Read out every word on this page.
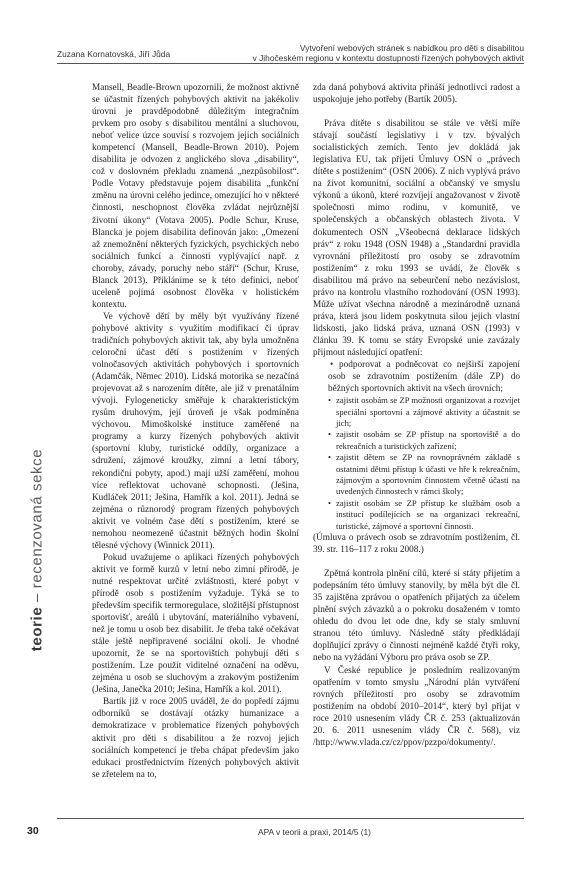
Zuzana Kornatovská, Jiří Jůda
Vytvoření webových stránek s nabídkou pro děti s disabilitou
v Jihočeském regionu v kontextu dostupnosti řízených pohybových aktivit
teorie – recenzovaná sekce

Mansell, Beadle-Brown upozornili, že možnost aktivně se účastnit řízených pohybových aktivit na jakékoliv úrovni je pravděpodobně důležitým integračním prvkem pro osoby s disabilitou mentální a sluchovou, neboť velice úzce souvisí s rozvojem jejich sociálních kompetencí (Mansell, Beadle-Brown 2010). Pojem disabilita je odvozen z anglického slova „disability“, což v doslovném překladu znamená „nezpůsobilost“. Podle Votavy představuje pojem disabilita „funkční změnu na úrovni celého jedince, omezující ho v některé činnosti, neschopnost člověka zvládat nejrůznější životní úkony“ (Votava 2005). Podle Schur, Kruse, Blancka je pojem disabilita definován jako: „Omezení až znemožnění některých fyzických, psychických nebo sociálních funkcí a činností vyplývající např. z choroby, závady, poruchy nebo stáří“ (Schur, Kruse, Blanck 2013). Přikláníme se k této definici, neboť uceleně pojímá osobnost člověka v holistickém kontextu.

Ve výchově dětí by měly být využívány řízené pohybové aktivity s využitím modifikací či úprav tradičních pohybových aktivit tak, aby byla umožněna celoroční účast dětí s postižením v řízených volnočasových aktivitách pohybových i sportovních (Adamčák, Němec 2010). Lidská motorika se nezačíná projevovat až s narozením dítěte, ale již v prenatálním vývoji. Fylogeneticky směřuje k charakteristickým rysům druhovým, její úroveň je však podmíněna výchovou. Mimoškolské instituce zaměřené na programy a kurzy řízených pohybových aktivit (sportovní kluby, turistické oddíly, organizace a sdružení, zájmové kroužky, zimní a letní tábory, rekondiční pobyty, apod.) mají užší zaměření, mohou více reflektovat uchovanè schopnosti. (Ješina, Kudláček 2011; Ješina, Hamřík a kol. 2011). Jedná se zejména o různorodý program řízených pohybových aktivit ve volném čase dětí s postižením, které se nemohou neomezeně účastnit běžných hodin školní tělesné výchovy (Winnick 2011).

Pokud uvažujeme o aplikaci řízených pohybových aktivit ve formě kurzů v letní nebo zimní přírodě, je nutné respektovat určité zvláštnosti, které pobyt v přírodě osob s postižením vyžaduje. Týká se to především specifik termoregulace, složitější přístupnost sportovišť, areálů i ubytování, materiálního vybavení, než je tomu u osob bez disabilit. Je třeba také očekávat stále ještě nepřipravené sociální okolí. Je vhodné upozornit, že se na sportovištích pohybují děti s postižením. Lze použít viditelné označení na oděvu, zejména u osob se sluchovým a zrakovým postižením (Ješina, Janečka 2010; Ješina, Hamřík a kol. 2011).

Bartík již v roce 2005 uváděl, že do popředí zájmu odborníků se dostávají otázky humanizace a demokratizace v problematice řízených pohybových aktivit pro děti s disabilitou a že rozvoj jejich sociálních kompetencí je třeba chápat především jako edukaci prostřednictvím řízených pohybových aktivit se zřetelem na to,

zda daná pohybová aktivita přináší jednotlivci radost a uspokojuje jeho potřeby (Bartík 2005).

Práva dítěte s disabilitou se stále ve větší míře stávají součástí legislativy i v tzv. bývalých socialistických zemích. Tento jev dokládá jak legislativa EU, tak přijetí Úmluvy OSN o „právech dítěte s postižením“ (OSN 2006). Z nich vyplývá právo na život komunitní, sociální a občanský ve smyslu výkonů a úkonů, které rozvíjejí angažovanost v životě společnosti mimo rodinu, v komunitě, ve společenských a občanských oblastech života. V dokumentech OSN „Všeobecná deklarace lidských práv“ z roku 1948 (OSN 1948) a „Standardní pravidla vyrovnání příležitostí pro osoby se zdravotním postižením“ z roku 1993 se uvádí, že člověk s disabilitou má právo na sebeurčení nebo nezávislost, právo na kontrolu vlastního rozhodování (OSN 1993). Může užívat všechna národně a mezinárodně uznaná práva, která jsou lidem poskytnuta silou jejich vlastní lidskosti, jako lidská práva, uznaná OSN (1993) v článku 39. K tomu se státy Evropské unie zavázaly přijmout následující opatření:

• podporovat a podněcovat co nejširší zapojení osob se zdravotním postižením (dále ZP) do běžných sportovních aktivit na všech úrovních;

• zajistit osobám se ZP možnosti organizovat a rozvíjet speciální sportovní a zájmové aktivity a účastnit se jich;
• zajistit osobám se ZP přístup na sportoviště a do rekreačních a turistických zařízení;
• zajistit dětem se ZP na rovnoprávném základě s ostatními dětmi přístup k účasti ve hře k rekreačním, zájmovým a sportovním činnostem včetně účasti na uvedených činnostech v rámci školy;
• zajistit osobám se ZP přístup ke službám osob a institucí podílejících se na organizaci rekreační, turistické, zájmové a sportovní činnosti.

(Úmluva o právech osob se zdravotním postižením, čl. 39. str. 116–117 z roku 2008.)

Zpětná kontrola plnění cílů, které si státy přijetím a podepsáním této úmluvy stanovily, by měla být dle čl. 35 zajištěna zprávou o opatřeních přijatých za účelem plnění svých závazků a o pokroku dosaženém v tomto ohledu do dvou let ode dne, kdy se staly smluvní stranou této úmluvy. Následně státy předkládají doplňující zprávy o činnosti nejméně každé čtyři roky, nebo na vyžádání Výboru pro práva osob se ZP.

V České republice je posledním realizovaným opatřením v tomto smyslu „Národní plán vytváření rovných příležitostí pro osoby se zdravotním postižením na období 2010–2014“, který byl přijat v roce 2010 usnesením vlády ČR č. 253 (aktualizován 20. 6. 2011 usnesením vlády ČR č. 568), viz /http://www.vlada.cz/cz/ppov/pzzpo/dokumenty/.

30	APA v teorii a praxi, 2014/5 (1)
